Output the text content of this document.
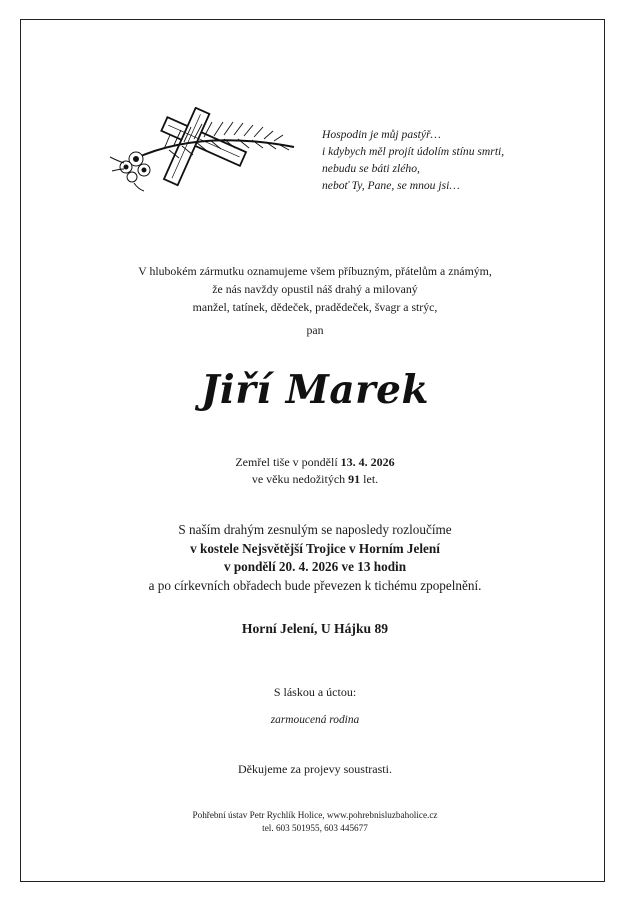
Hospodin je můj pastýř…
i kdybych měl projít údolím stínu smrti,
nebudu se báti zlého,
neboť Ty, Pane, se mnou jsi…
V hlubokém zármutku oznamujeme všem příbuzným, přátelům a známým,
že nás navždy opustil náš drahý a milovaný
manžel, tatínek, dědeček, pradědeček, švagr a strýc,
pan
Jiří Marek
Zemřel tiše v pondělí 13. 4. 2026
ve věku nedožitých 91 let.
S naším drahým zesnulým se naposledy rozloučíme
v kostele Nejsvětější Trojice v Horním Jelení
v pondělí 20. 4. 2026 ve 13 hodin
a po církevních obřadech bude převezen k tichému zpopelnění.
Horní Jelení, U Hájku 89
S láskou a úctou:
zarmoucená rodina
Děkujeme za projevy soustrasti.
Pohřební ústav Petr Rychlík Holice, www.pohrebnisluzbaholice.cz
tel. 603 501955, 603 445677
